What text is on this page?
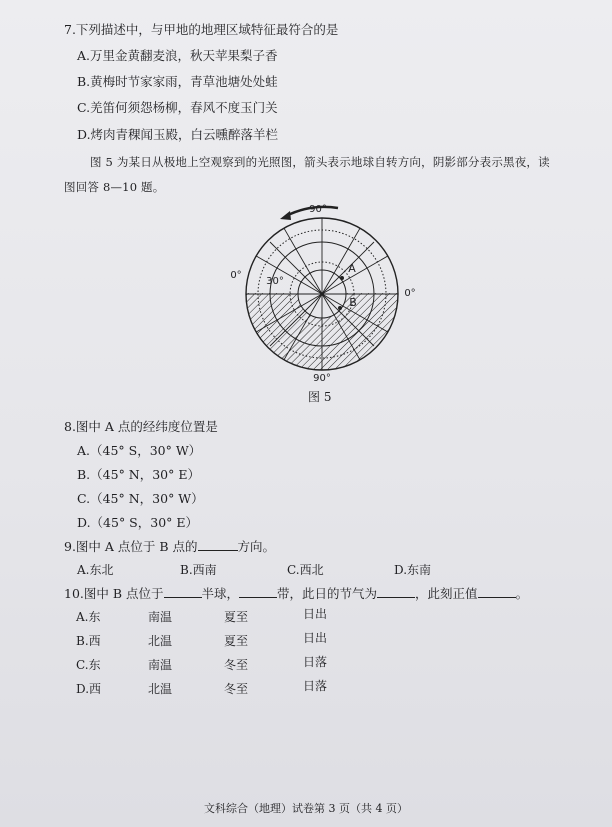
7.下列描述中，与甲地的地理区域特征最符合的是
A.万里金黄翻麦浪，秋天苹果梨子香
B.黄梅时节家家雨，青草池塘处处蛙
C.羌笛何须怨杨柳，春风不度玉门关
D.烤肉青稞闻玉殿，白云曛醉落羊栏
图 5 为某日从极地上空观察到的光照图，箭头表示地球自转方向，阴影部分表示黑夜，读
图回答 8—10 题。
90°
90°
0°
0°
30°
A
B
图 5
8.图中 A 点的经纬度位置是
A.（45° S，30° W）
B.（45° N，30° E）
C.（45° N，30° W）
D.（45° S，30° E）
9.图中 A 点位于 B 点的	方向。
A.东北	B.西南	C.西北	D.东南
10.图中 B 点位于	半球，	带，此日的节气为	，此刻正值	。
A.东	南温	夏至	日出
B.西	北温	夏至	日出
C.东	南温	冬至	日落
D.西	北温	冬至	日落
文科综合（地理）试卷第 3 页（共 4 页）
